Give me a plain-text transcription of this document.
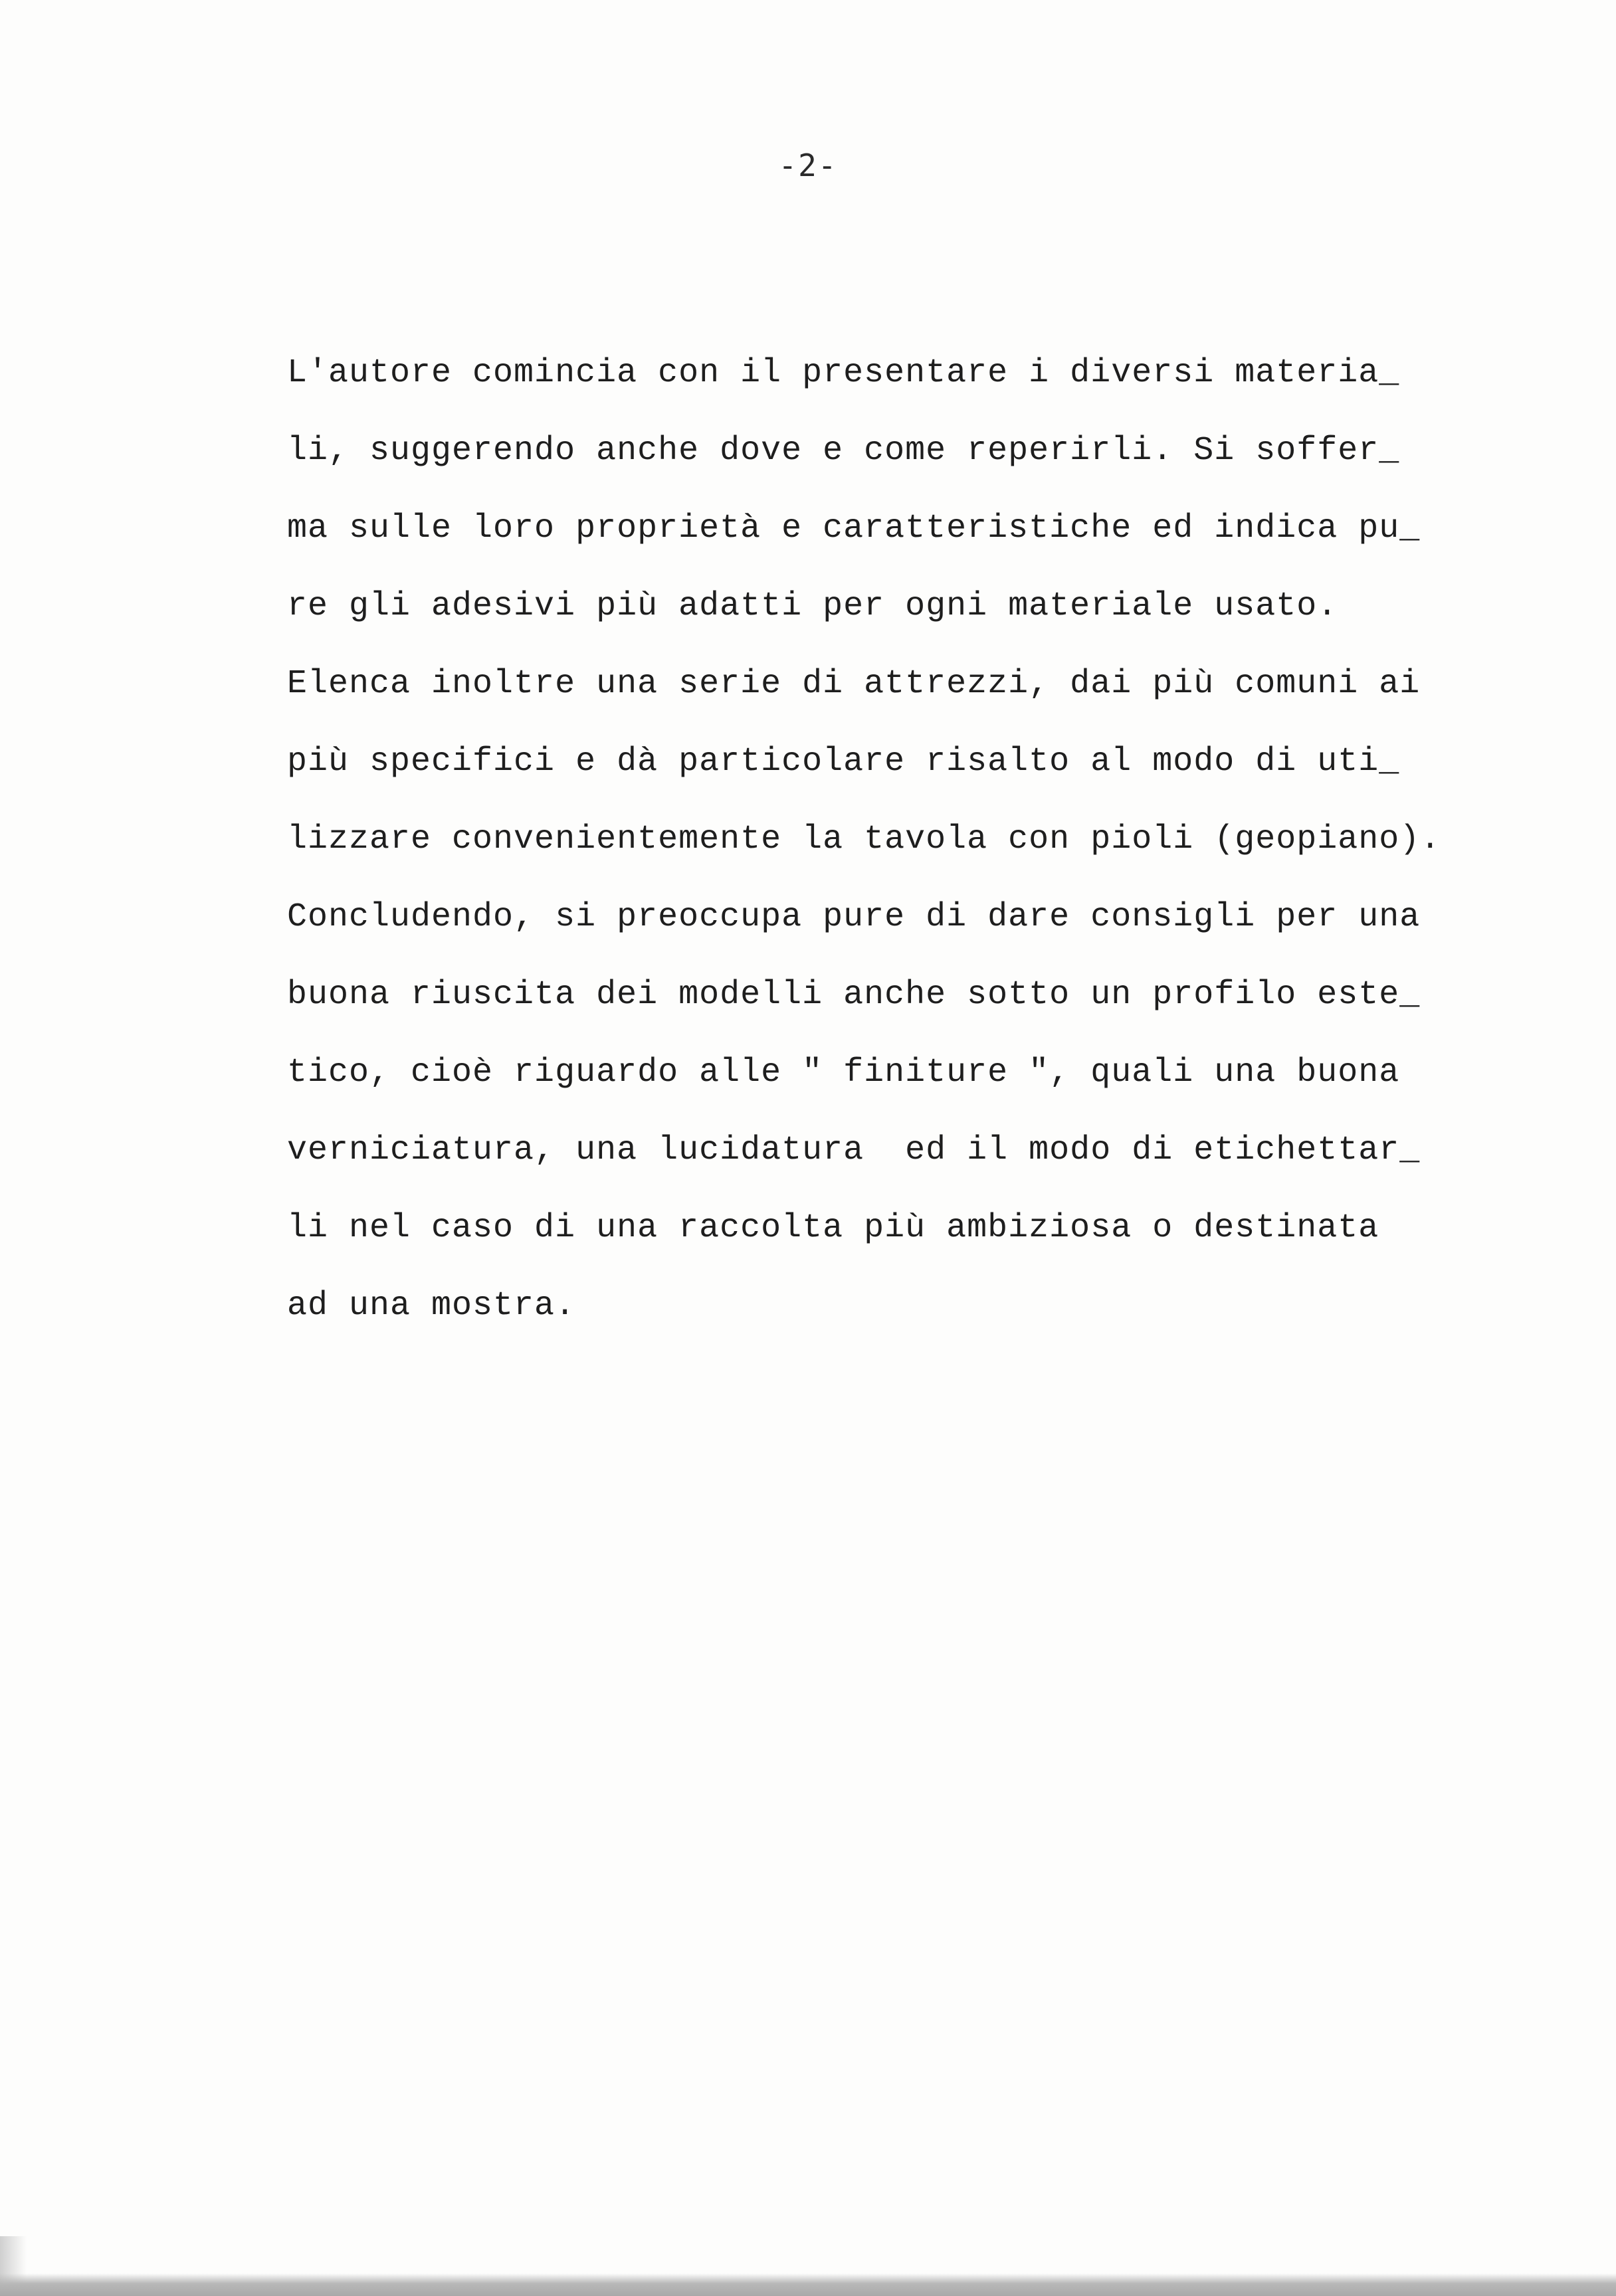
-2-
L'autore comincia con il presentare i diversi materia_
li, suggerendo anche dove e come reperirli. Si soffer_
ma sulle loro proprietà e caratteristiche ed indica pu_
re gli adesivi più adatti per ogni materiale usato.
Elenca inoltre una serie di attrezzi, dai più comuni ai
più specifici e dà particolare risalto al modo di uti_
lizzare convenientemente la tavola con pioli (geopiano).
Concludendo, si preoccupa pure di dare consigli per una
buona riuscita dei modelli anche sotto un profilo este_
tico, cioè riguardo alle " finiture ", quali una buona
verniciatura, una lucidatura  ed il modo di etichettar_
li nel caso di una raccolta più ambiziosa o destinata
ad una mostra.
